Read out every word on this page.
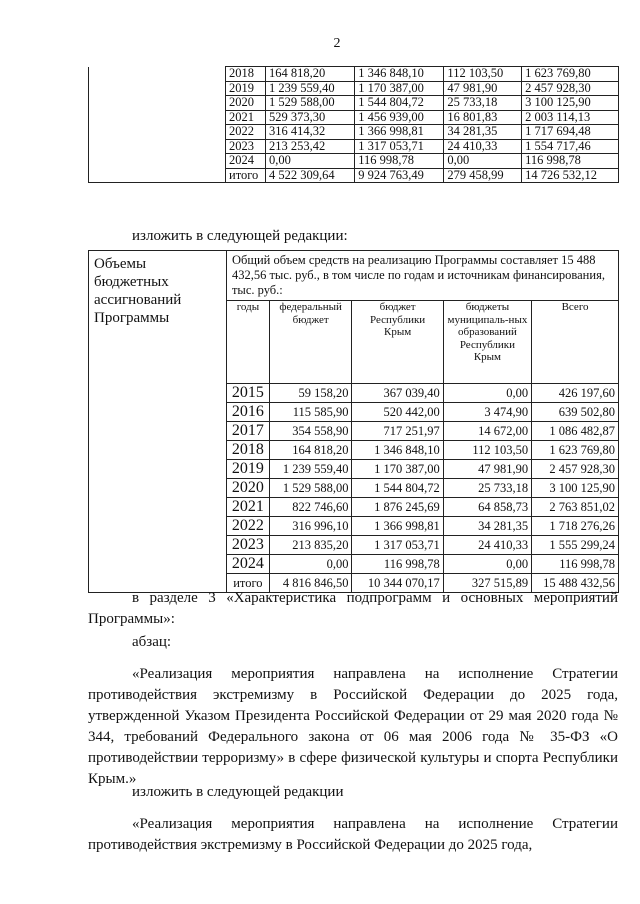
2
	2018	164 818,20	1 346 848,10	112 103,50	1 623 769,80
	2019	1 239 559,40	1 170 387,00	47 981,90	2 457 928,30
	2020	1 529 588,00	1 544 804,72	25 733,18	3 100 125,90
	2021	529 373,30	1 456 939,00	16 801,83	2 003 114,13
	2022	316 414,32	1 366 998,81	34 281,35	1 717 694,48
	2023	213 253,42	1 317 053,71	24 410,33	1 554 717,46
	2024	0,00	116 998,78	0,00	116 998,78
	итого	4 522 309,64	9 924 763,49	279 458,99	14 726 532,12
изложить в следующей редакции:
Объемы бюджетных ассигнований Программы	Общий объем средств на реализацию Программы составляет 15 488 432,56 тыс. руб., в том числе по годам и источникам финансирования, тыс. руб.:				
	годы	федеральный бюджет	бюджет Республики Крым	бюджеты муниципаль-ных образований Республики Крым	Всего
	2015	59 158,20	367 039,40	0,00	426 197,60
	2016	115 585,90	520 442,00	3 474,90	639 502,80
	2017	354 558,90	717 251,97	14 672,00	1 086 482,87
	2018	164 818,20	1 346 848,10	112 103,50	1 623 769,80
	2019	1 239 559,40	1 170 387,00	47 981,90	2 457 928,30
	2020	1 529 588,00	1 544 804,72	25 733,18	3 100 125,90
	2021	822 746,60	1 876 245,69	64 858,73	2 763 851,02
	2022	316 996,10	1 366 998,81	34 281,35	1 718 276,26
	2023	213 835,20	1 317 053,71	24 410,33	1 555 299,24
	2024	0,00	116 998,78	0,00	116 998,78
	итого	4 816 846,50	10 344 070,17	327 515,89	15 488 432,56
в разделе 3 «Характеристика подпрограмм и основных мероприятий Программы»:
абзац:
«Реализация мероприятия направлена на исполнение Стратегии противодействия экстремизму в Российской Федерации до 2025 года, утвержденной Указом Президента Российской Федерации от 29 мая 2020 года № 344, требований Федерального закона от 06 мая 2006 года № 35-ФЗ «О противодействии терроризму» в сфере физической культуры и спорта Республики Крым.»
изложить в следующей редакции
«Реализация мероприятия направлена на исполнение Стратегии противодействия экстремизму в Российской Федерации до 2025 года,
